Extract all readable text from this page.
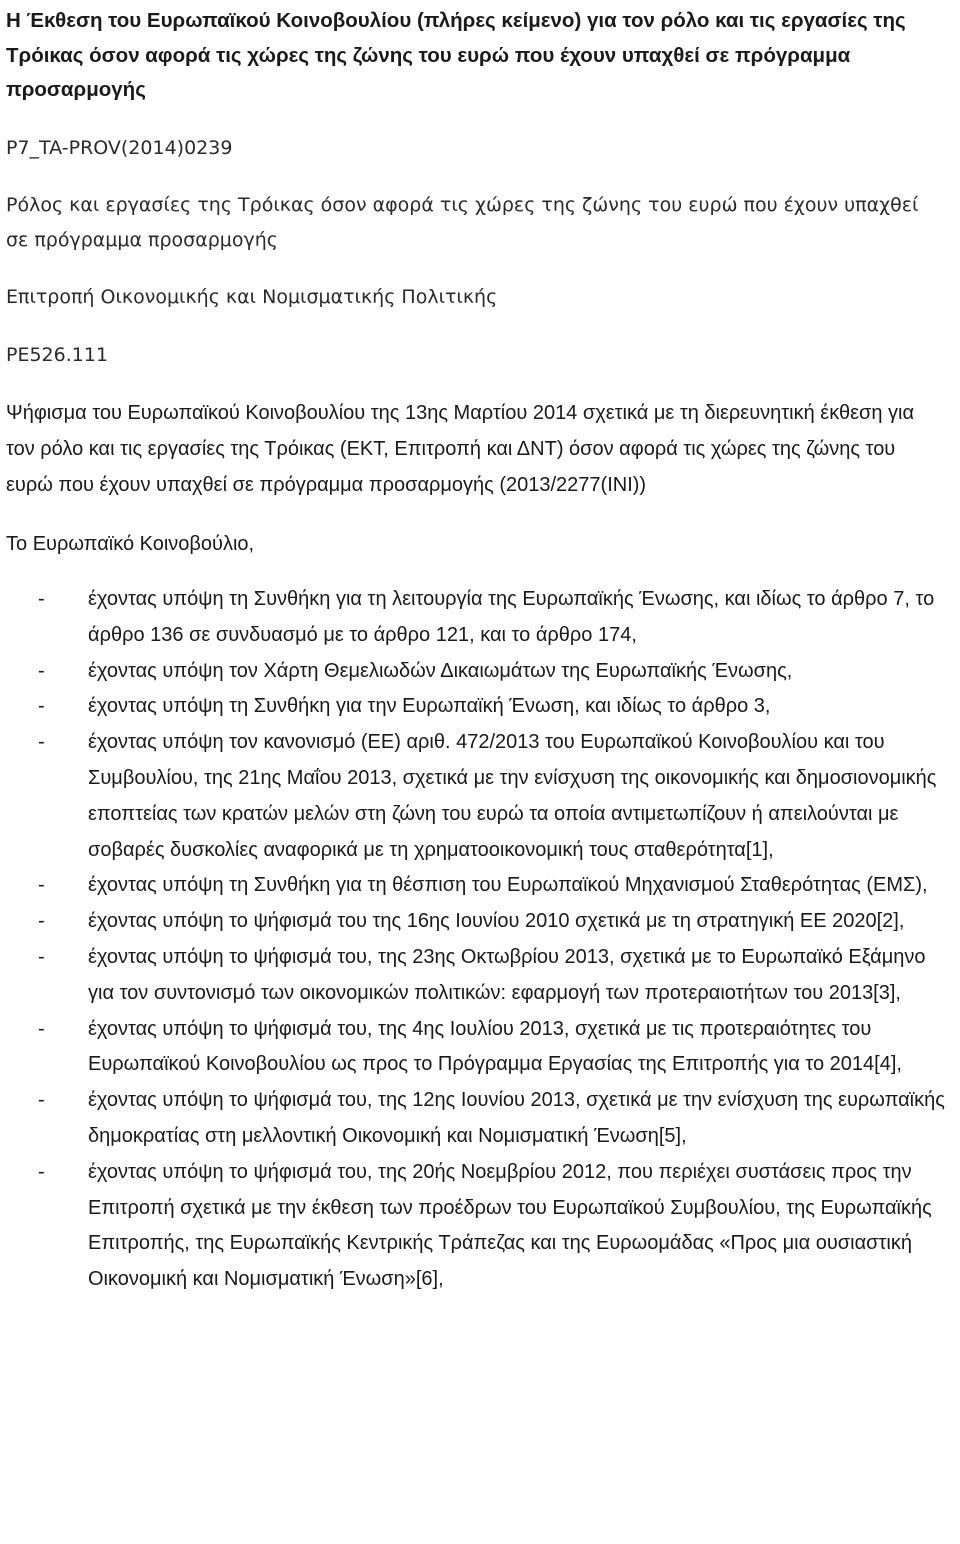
Η Έκθεση του Ευρωπαϊκού Κοινοβουλίου (πλήρες κείμενο) για τον ρόλο και τις εργασίες της Τρόικας όσον αφορά τις χώρες της ζώνης του ευρώ που έχουν υπαχθεί σε πρόγραμμα προσαρμογής
P7_TA-PROV(2014)0239
Ρόλος και εργασίες της Τρόικας όσον αφορά τις χώρες της ζώνης του ευρώ που έχουν υπαχθεί σε πρόγραμμα προσαρμογής
Επιτροπή Οικονομικής και Νομισματικής Πολιτικής
PE526.111
Ψήφισμα του Ευρωπαϊκού Κοινοβουλίου της 13ης Μαρτίου 2014 σχετικά με τη διερευνητική έκθεση για τον ρόλο και τις εργασίες της Τρόικας (ΕΚΤ, Επιτροπή και ΔΝΤ) όσον αφορά τις χώρες της ζώνης του ευρώ που έχουν υπαχθεί σε πρόγραμμα προσαρμογής (2013/2277(INI))
Το Ευρωπαϊκό Κοινοβούλιο,
- έχοντας υπόψη τη Συνθήκη για τη λειτουργία της Ευρωπαϊκής Ένωσης, και ιδίως το άρθρο 7, το άρθρο 136 σε συνδυασμό με το άρθρο 121, και το άρθρο 174,
- έχοντας υπόψη τον Χάρτη Θεμελιωδών Δικαιωμάτων της Ευρωπαϊκής Ένωσης,
- έχοντας υπόψη τη Συνθήκη για την Ευρωπαϊκή Ένωση, και ιδίως το άρθρο 3,
- έχοντας υπόψη τον κανονισμό (ΕΕ) αριθ. 472/2013 του Ευρωπαϊκού Κοινοβουλίου και του Συμβουλίου, της 21ης Μαΐου 2013, σχετικά με την ενίσχυση της οικονομικής και δημοσιονομικής εποπτείας των κρατών μελών στη ζώνη του ευρώ τα οποία αντιμετωπίζουν ή απειλούνται με σοβαρές δυσκολίες αναφορικά με τη χρηματοοικονομική τους σταθερότητα[1],
- έχοντας υπόψη τη Συνθήκη για τη θέσπιση του Ευρωπαϊκού Μηχανισμού Σταθερότητας (ΕΜΣ),
- έχοντας υπόψη το ψήφισμά του της 16ης Ιουνίου 2010 σχετικά με τη στρατηγική ΕΕ 2020[2],
- έχοντας υπόψη το ψήφισμά του, της 23ης Οκτωβρίου 2013, σχετικά με το Ευρωπαϊκό Εξάμηνο για τον συντονισμό των οικονομικών πολιτικών: εφαρμογή των προτεραιοτήτων του 2013[3],
- έχοντας υπόψη το ψήφισμά του, της 4ης Ιουλίου 2013, σχετικά με τις προτεραιότητες του Ευρωπαϊκού Κοινοβουλίου ως προς το Πρόγραμμα Εργασίας της Επιτροπής για το 2014[4],
- έχοντας υπόψη το ψήφισμά του, της 12ης Ιουνίου 2013, σχετικά με την ενίσχυση της ευρωπαϊκής δημοκρατίας στη μελλοντική Οικονομική και Νομισματική Ένωση[5],
- έχοντας υπόψη το ψήφισμά του, της 20ής Νοεμβρίου 2012, που περιέχει συστάσεις προς την Επιτροπή σχετικά με την έκθεση των προέδρων του Ευρωπαϊκού Συμβουλίου, της Ευρωπαϊκής Επιτροπής, της Ευρωπαϊκής Κεντρικής Τράπεζας και της Ευρωομάδας «Προς μια ουσιαστική Οικονομική και Νομισματική Ένωση»[6],
